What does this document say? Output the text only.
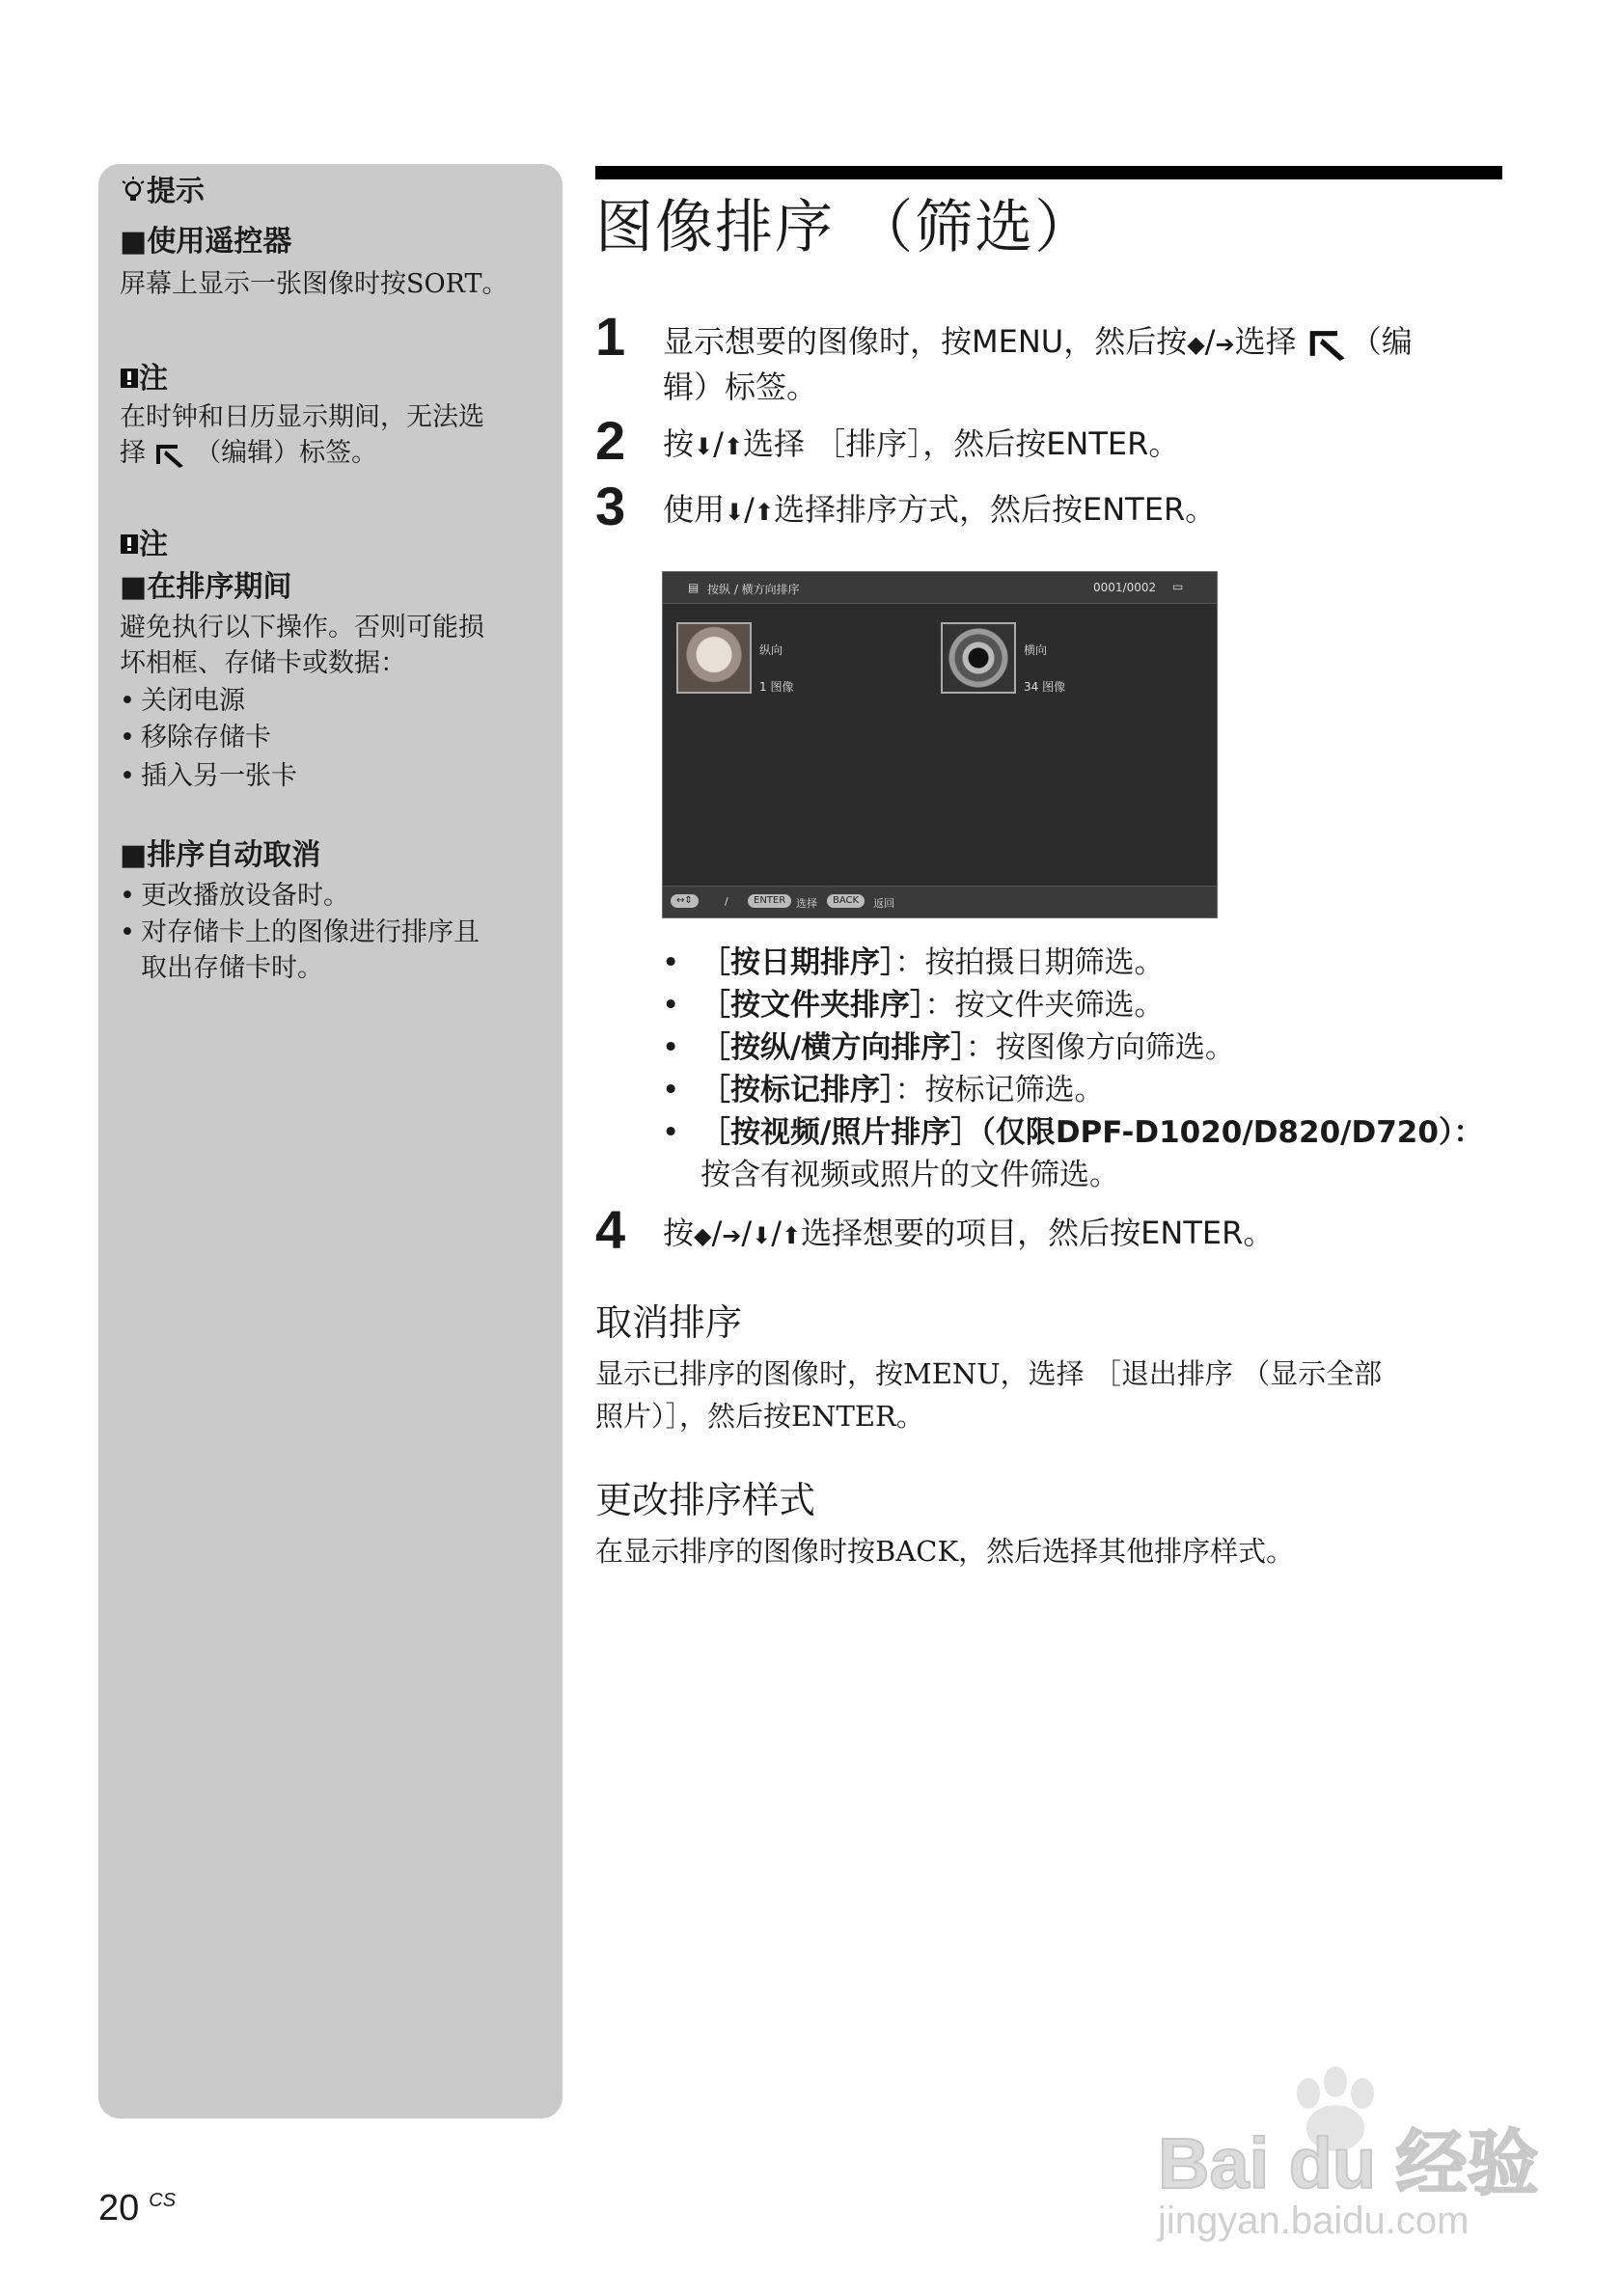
提示
■使用遥控器
屏幕上显示一张图像时按SORT。
注
在时钟和日历显示期间，无法选
择 （编辑）标签。
注
■在排序期间
避免执行以下操作。否则可能损
坏相框、存储卡或数据：
• 关闭电源
• 移除存储卡
• 插入另一张卡
■排序自动取消
• 更改播放设备时。
• 对存储卡上的图像进行排序且
取出存储卡时。
图像排序 （筛选）
1 显示想要的图像时，按MENU，然后按◆/➔选择 （编
辑）标签。
2 按⬇/⬆选择 ［排序］，然后按ENTER。
3 使用⬇/⬆选择排序方式，然后按ENTER。
▤ 按纵 / 横方向排序	0001/0002 ▭
纵向
1 图像
横向
34 图像
↔⇕	/	ENTER 选择	BACK	返回
• ［按日期排序］：按拍摄日期筛选。
• ［按文件夹排序］：按文件夹筛选。
• ［按纵/横方向排序］：按图像方向筛选。
• ［按标记排序］：按标记筛选。
• ［按视频/照片排序］（仅限DPF-D1020/D820/D720）：
按含有视频或照片的文件筛选。
4 按◆/➔/⬇/⬆选择想要的项目，然后按ENTER。
取消排序
显示已排序的图像时，按MENU，选择 ［退出排序 （显示全部
照片）］，然后按ENTER。
更改排序样式
在显示排序的图像时按BACK，然后选择其他排序样式。
20 $^{CS}$	Bai du 经验
jingyan.baidu.com
